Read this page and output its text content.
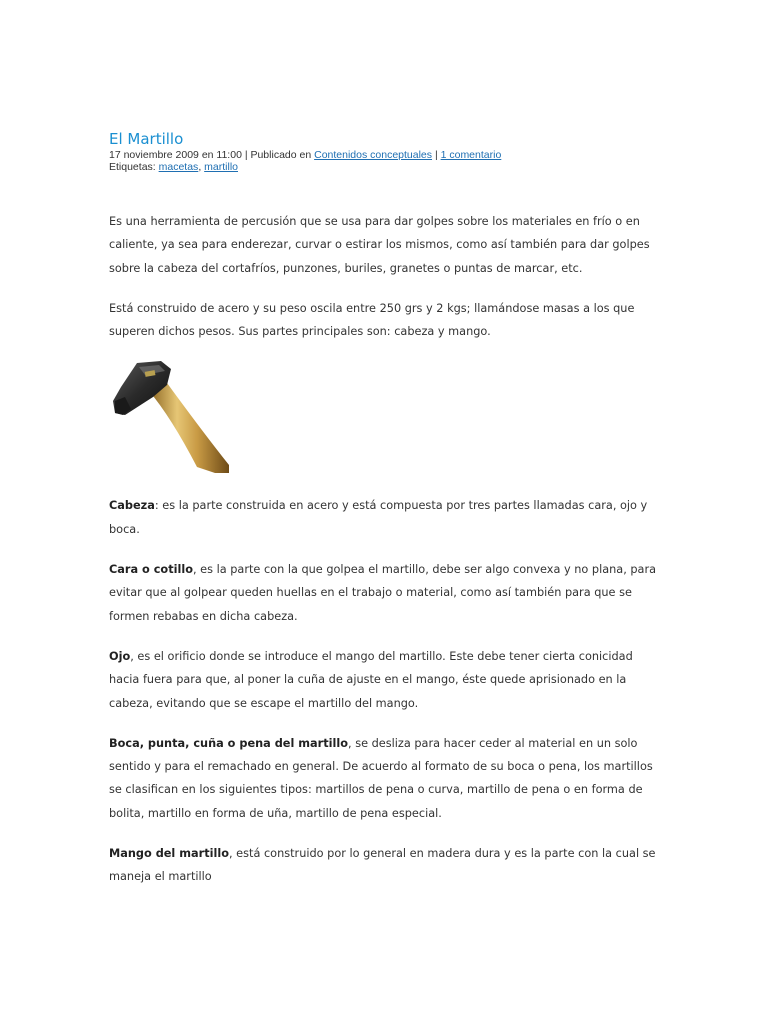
El Martillo
17 noviembre 2009 en 11:00 | Publicado en Contenidos conceptuales | 1 comentario
Etiquetas: macetas, martillo

Es una herramienta de percusión que se usa para dar golpes sobre los materiales en frío o en caliente, ya sea para enderezar, curvar o estirar los mismos, como así también para dar golpes sobre la cabeza del cortafríos, punzones, buriles, granetes o puntas de marcar, etc.

Está construido de acero y su peso oscila entre 250 grs y 2 kgs; llamándose masas a los que superen dichos pesos. Sus partes principales son: cabeza y mango.

Cabeza: es la parte construida en acero y está compuesta por tres partes llamadas cara, ojo y boca.

Cara o cotillo, es la parte con la que golpea el martillo, debe ser algo convexa y no plana, para evitar que al golpear queden huellas en el trabajo o material, como así también para que se formen rebabas en dicha cabeza.

Ojo, es el orificio donde se introduce el mango del martillo. Este debe tener cierta conicidad hacia fuera para que, al poner la cuña de ajuste en el mango, éste quede aprisionado en la cabeza, evitando que se escape el martillo del mango.

Boca, punta, cuña o pena del martillo, se desliza para hacer ceder al material en un solo sentido y para el remachado en general. De acuerdo al formato de su boca o pena, los martillos se clasifican en los siguientes tipos: martillos de pena o curva, martillo de pena o en forma de bolita, martillo en forma de uña, martillo de pena especial.

Mango del martillo, está construido por lo general en madera dura y es la parte con la cual se maneja el martillo
